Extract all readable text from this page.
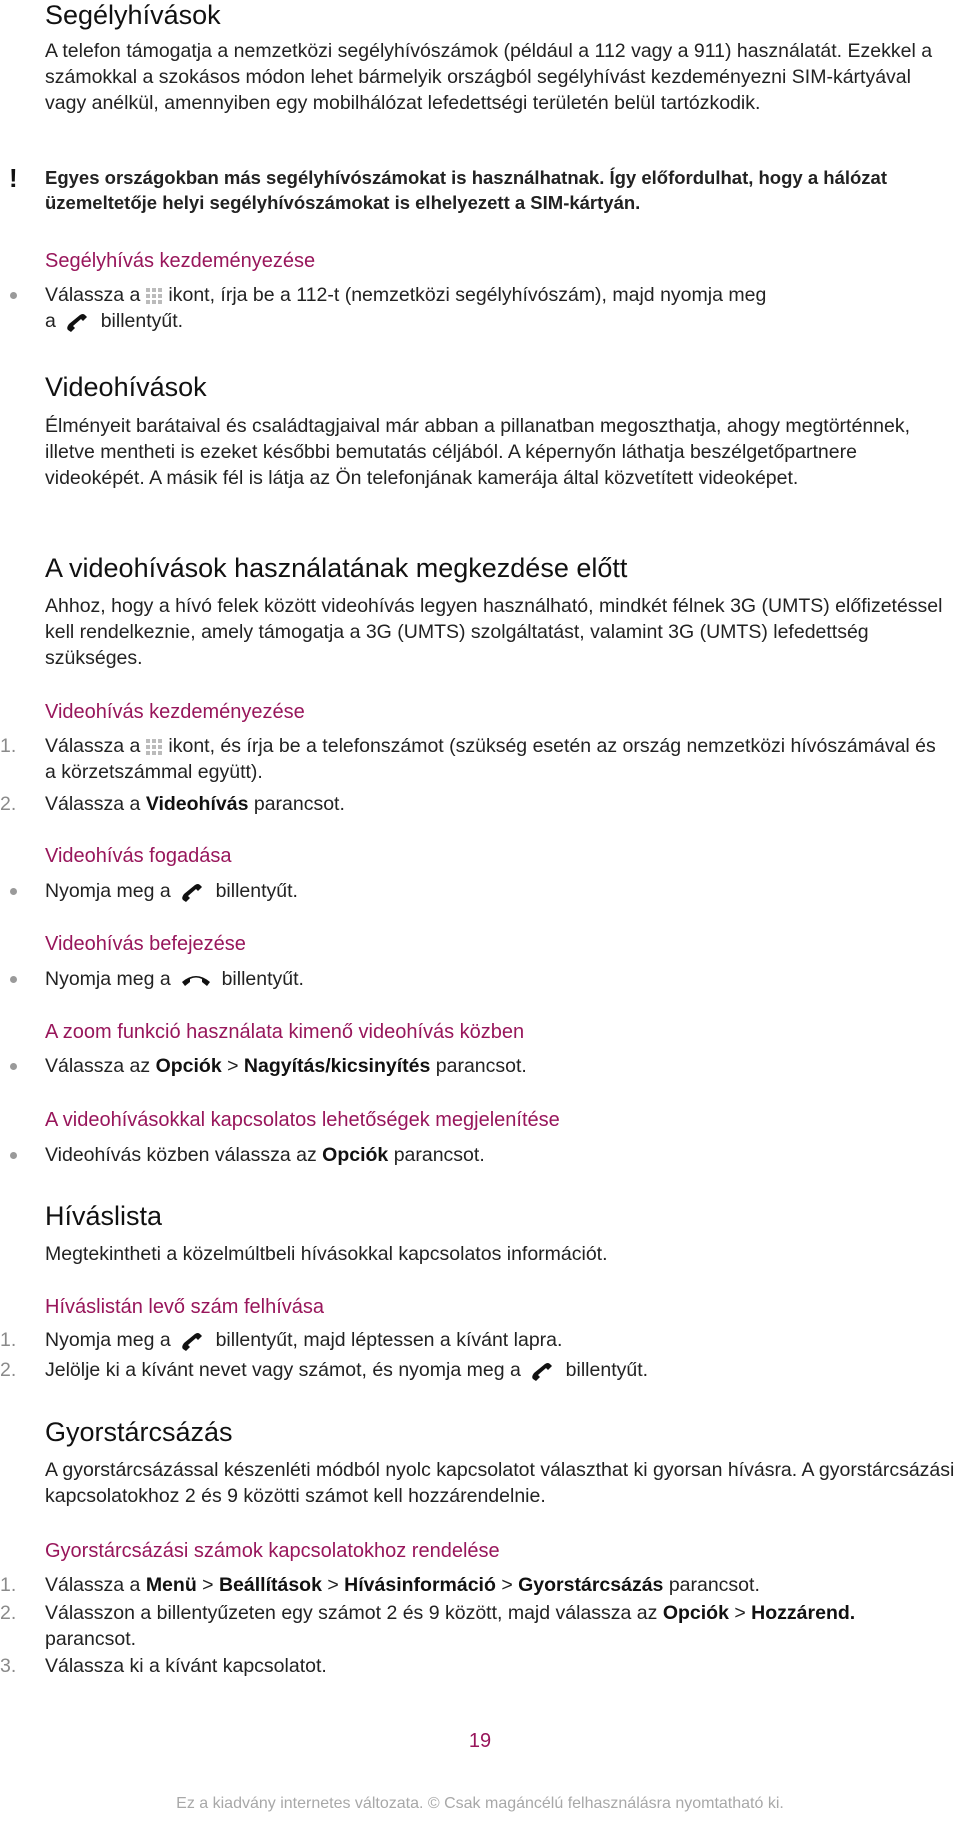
Segélyhívások

A telefon támogatja a nemzetközi segélyhívószámok (például a 112 vagy a 911) használatát. Ezekkel a számokkal a szokásos módon lehet bármelyik országból segélyhívást kezdeményezni SIM-kártyával vagy anélkül, amennyiben egy mobilhálózat lefedettségi területén belül tartózkodik.

! Egyes országokban más segélyhívószámokat is használhatnak. Így előfordulhat, hogy a hálózat üzemeltetője helyi segélyhívószámokat is elhelyezett a SIM-kártyán.

Segélyhívás kezdeményezése
Válassza a ikont, írja be a 112-t (nemzetközi segélyhívószám), majd nyomja meg
a billentyűt.
Videohívások

Élményeit barátaival és családtagjaival már abban a pillanatban megoszthatja, ahogy megtörténnek, illetve mentheti is ezeket későbbi bemutatás céljából. A képernyőn láthatja beszélgetőpartnere videoképét. A másik fél is látja az Ön telefonjának kamerája által közvetített videoképet.

A videohívások használatának megkezdése előtt

Ahhoz, hogy a hívó felek között videohívás legyen használható, mindkét félnek 3G (UMTS) előfizetéssel kell rendelkeznie, amely támogatja a 3G (UMTS) szolgáltatást, valamint 3G (UMTS) lefedettség szükséges.

Videohívás kezdeményezése
1.	Válassza a ikont, és írja be a telefonszámot (szükség esetén az ország nemzetközi hívószámával és a körzetszámmal együtt).
2.	Válassza a Videohívás parancsot.
Videohívás fogadása
Nyomja meg a billentyűt.
Videohívás befejezése
Nyomja meg a	billentyűt.
A zoom funkció használata kimenő videohívás közben
Válassza az Opciók > Nagyítás/kicsinyítés parancsot.
A videohívásokkal kapcsolatos lehetőségek megjelenítése
Videohívás közben válassza az Opciók parancsot.
Híváslista

Megtekintheti a közelmúltbeli hívásokkal kapcsolatos információt.

Híváslistán levő szám felhívása
1.	Nyomja meg a billentyűt, majd léptessen a kívánt lapra.
2.	Jelölje ki a kívánt nevet vagy számot, és nyomja meg a billentyűt.
Gyorstárcsázás

A gyorstárcsázással készenléti módból nyolc kapcsolatot választhat ki gyorsan hívásra. A gyorstárcsázási kapcsolatokhoz 2 és 9 közötti számot kell hozzárendelnie.

Gyorstárcsázási számok kapcsolatokhoz rendelése
1.	Válassza a Menü > Beállítások > Hívásinformáció > Gyorstárcsázás parancsot.
2.	Válasszon a billentyűzeten egy számot 2 és 9 között, majd válassza az Opciók > Hozzárend. parancsot.
3.	Válassza ki a kívánt kapcsolatot.
19
Ez a kiadvány internetes változata. © Csak magáncélú felhasználásra nyomtatható ki.
